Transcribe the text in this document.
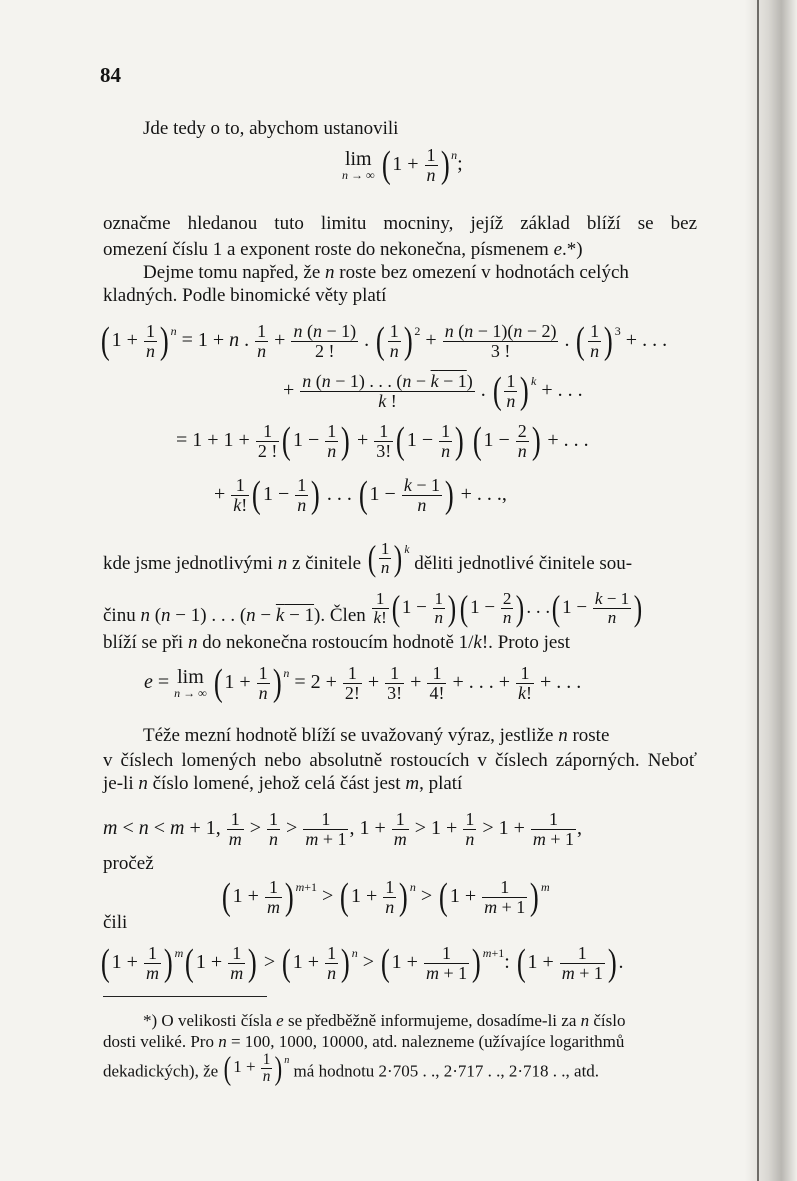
84
Jde tedy o to, abychom ustanovili
lim
n → ∞ ($1 + \frac{1}{n}$ ) $^n$;
označme hledanou tuto limitu mocniny, jejíž základ blíží se bez
omezení číslu 1 a exponent roste do nekonečna, písmenem e.*)
Dejme tomu napřed, že n roste bez omezení v hodnotách celých
kladných. Podle binomické věty platí
($1 + \frac{1}{n}$ ) $^n$ = 1 + n . $\frac{1}{n} + \frac{n (n - 1)}{2 !}$ . ( $\frac{1}{n}$ ) $^2 + \frac{n (n - 1)(n - 2)}{3 !}$ . ( $\frac{1}{n}$ ) $^3$ + . . .
+ $\frac{n (n - 1) . . . (n - k - 1)}{k !}$ . ( $\frac{1}{n}$ ) $^k$ + . . .
= $1 + 1 + \frac{1}{2 !} (1 - \frac{1}{n}$ ) + $\frac{1}{3!} (1 - \frac{1}{n}$ ) ($1 - \frac{2}{n}$ ) + . . .
+ $\frac{1}{k!} (1 - \frac{1}{n}$ ) . . . ($1 - \frac{k - 1}{n}$ ) + . . .,
kde jsme jednotlivými n z činitele ( $\frac{1}{n}$ ) $^k$ děliti jednotlivé činitele sou-
činu n (n − 1) . . . (n − k − 1). Člen $\frac{1}{k!} (1 - \frac{1}{n} )(1 - \frac{2}{n}$ ). . $.(1 - \frac{k - 1}{n}$ )
blíží se při n do nekonečna rostoucím hodnotě 1/k!. Proto jest
e = lim
n → ∞ ($1 + \frac{1}{n}$ ) $^n = 2 + \frac{1}{2!} + \frac{1}{3!} + \frac{1}{4!}$ + . . . + $\frac{1}{k!}$ + . . .
Téže mezní hodnotě blíží se uvažovaný výraz, jestliže n roste
v číslech lomených nebo absolutně rostoucích v číslech záporných. Neboť
je-li n číslo lomené, jehož celá část jest m, platí
m < n < m + 1, $\frac{1}{m} > \frac{1}{n} > \frac{1}{m + 1}$ , $1 + \frac{1}{m} > 1 + \frac{1}{n} > 1 + \frac{1}{m + 1}$ ,
pročež
($1 + \frac{1}{m}$ ) $^{m+1} > (1 + \frac{1}{n}$ ) $^n > (1 + \frac{1}{m + 1}$ ) $^m$
čili
($1 + \frac{1}{m}$ ) $^m(1 + \frac{1}{m}$ ) > ($1 + \frac{1}{n}$ ) $^n > (1 + \frac{1}{m + 1}$ ) $^{m+1}$: ($1 + \frac{1}{m + 1}$ ).
*) O velikosti čísla e se předběžně informujeme, dosadíme-li za n číslo
dosti veliké. Pro n = 100, 1000, 10000, atd. nalezneme (užívajíce logarithmů
dekadických), že ($1 + \frac{1}{n}$ ) $^n$ má hodnotu 2·705 . ., 2·717 . ., 2·718 . ., atd.
